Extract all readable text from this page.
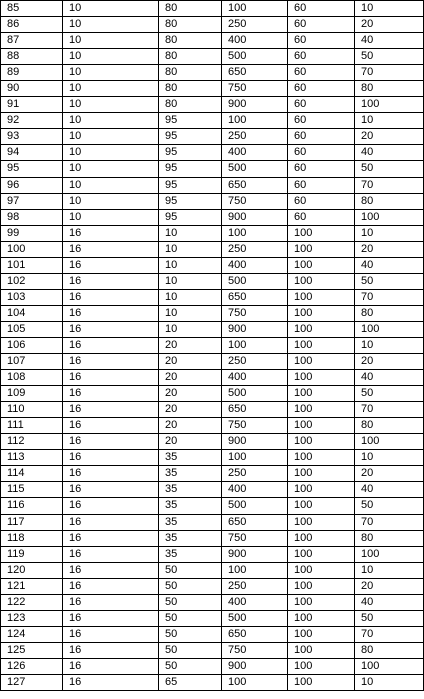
85	10	80	100	60	10
86	10	80	250	60	20
87	10	80	400	60	40
88	10	80	500	60	50
89	10	80	650	60	70
90	10	80	750	60	80
91	10	80	900	60	100
92	10	95	100	60	10
93	10	95	250	60	20
94	10	95	400	60	40
95	10	95	500	60	50
96	10	95	650	60	70
97	10	95	750	60	80
98	10	95	900	60	100
99	16	10	100	100	10
100	16	10	250	100	20
101	16	10	400	100	40
102	16	10	500	100	50
103	16	10	650	100	70
104	16	10	750	100	80
105	16	10	900	100	100
106	16	20	100	100	10
107	16	20	250	100	20
108	16	20	400	100	40
109	16	20	500	100	50
110	16	20	650	100	70
111	16	20	750	100	80
112	16	20	900	100	100
113	16	35	100	100	10
114	16	35	250	100	20
115	16	35	400	100	40
116	16	35	500	100	50
117	16	35	650	100	70
118	16	35	750	100	80
119	16	35	900	100	100
120	16	50	100	100	10
121	16	50	250	100	20
122	16	50	400	100	40
123	16	50	500	100	50
124	16	50	650	100	70
125	16	50	750	100	80
126	16	50	900	100	100
127	16	65	100	100	10
